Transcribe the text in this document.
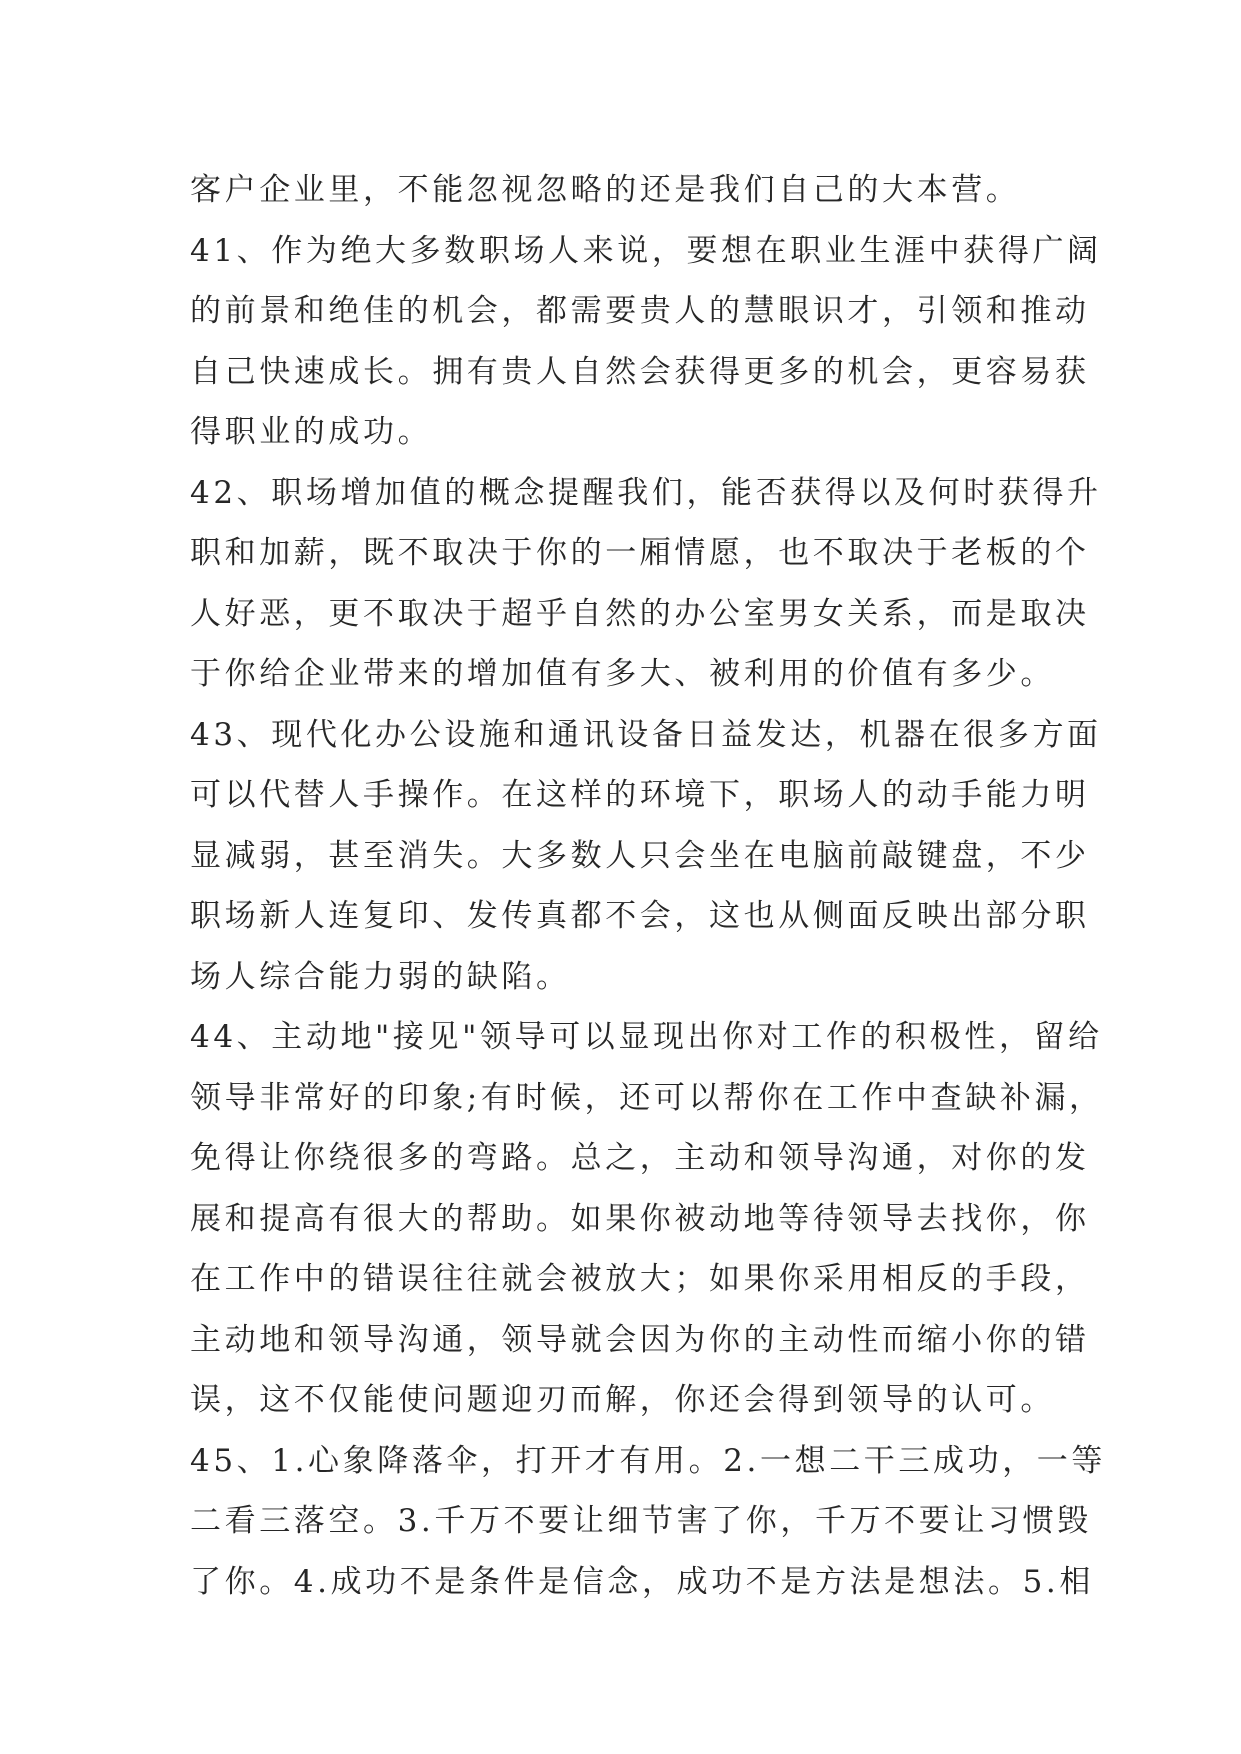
客户企业里，不能忽视忽略的还是我们自己的大本营。
41、作为绝大多数职场人来说，要想在职业生涯中获得广阔
的前景和绝佳的机会，都需要贵人的慧眼识才，引领和推动
自己快速成长。拥有贵人自然会获得更多的机会，更容易获
得职业的成功。
42、职场增加值的概念提醒我们，能否获得以及何时获得升
职和加薪，既不取决于你的一厢情愿，也不取决于老板的个
人好恶，更不取决于超乎自然的办公室男女关系，而是取决
于你给企业带来的增加值有多大、被利用的价值有多少。
43、现代化办公设施和通讯设备日益发达，机器在很多方面
可以代替人手操作。在这样的环境下，职场人的动手能力明
显减弱，甚至消失。大多数人只会坐在电脑前敲键盘，不少
职场新人连复印、发传真都不会，这也从侧面反映出部分职
场人综合能力弱的缺陷。
44、主动地"接见"领导可以显现出你对工作的积极性，留给
领导非常好的印象;有时候，还可以帮你在工作中查缺补漏，
免得让你绕很多的弯路。总之，主动和领导沟通，对你的发
展和提高有很大的帮助。如果你被动地等待领导去找你，你
在工作中的错误往往就会被放大；如果你采用相反的手段，
主动地和领导沟通，领导就会因为你的主动性而缩小你的错
误，这不仅能使问题迎刃而解，你还会得到领导的认可。
45、1.心象降落伞，打开才有用。2.一想二干三成功，一等
二看三落空。3.千万不要让细节害了你，千万不要让习惯毁
了你。4.成功不是条件是信念，成功不是方法是想法。5.相
